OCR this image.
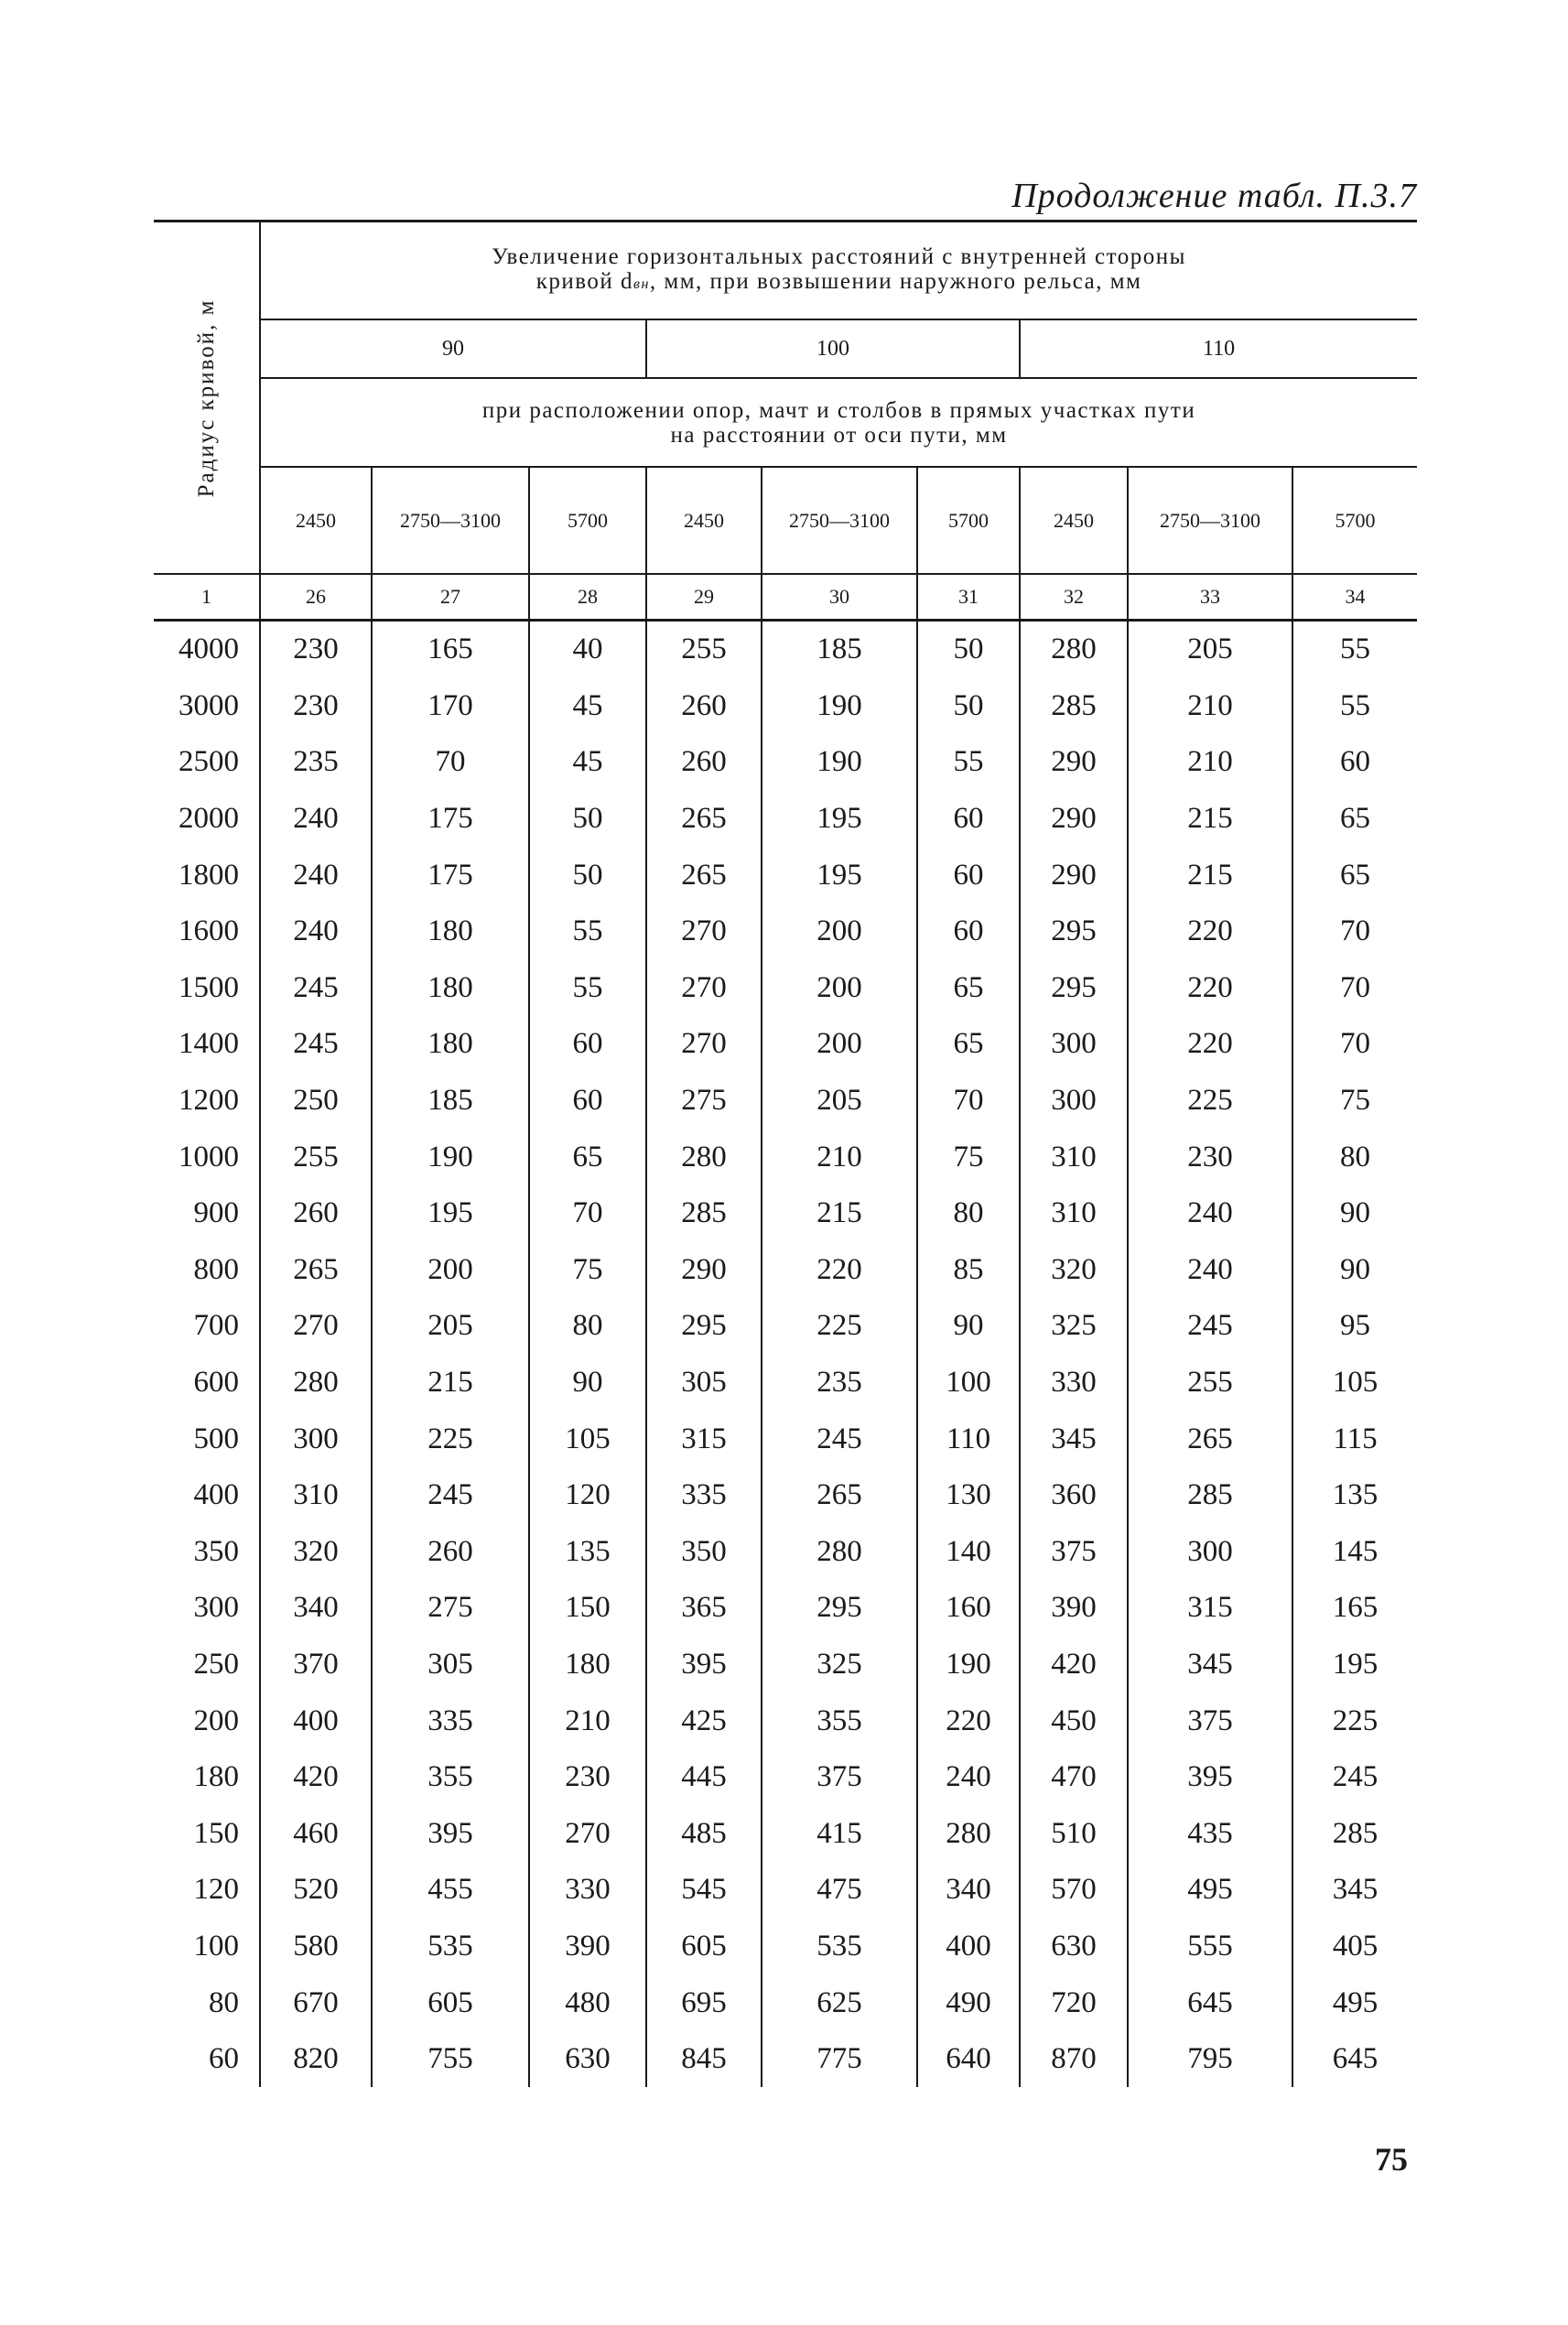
Продолжение табл. П.3.7
Радиус кривой, м	Увеличение горизонтальных расстояний с внутренней стороны
кривой dвн, мм, при возвышении наружного рельса, мм								

	90			100			110		

	при расположении опор, мачт и столбов в прямых участках пути
на расстоянии от оси пути, мм								

	2450	2750—3100	5700	2450	2750—3100	5700	2450	2750—3100	5700
1	26	27	28	29	30	31	32	33	34
4000	230	165	40	255	185	50	280	205	55
3000	230	170	45	260	190	50	285	210	55
2500	235	70	45	260	190	55	290	210	60
2000	240	175	50	265	195	60	290	215	65
1800	240	175	50	265	195	60	290	215	65
1600	240	180	55	270	200	60	295	220	70
1500	245	180	55	270	200	65	295	220	70
1400	245	180	60	270	200	65	300	220	70
1200	250	185	60	275	205	70	300	225	75
1000	255	190	65	280	210	75	310	230	80
900	260	195	70	285	215	80	310	240	90
800	265	200	75	290	220	85	320	240	90
700	270	205	80	295	225	90	325	245	95
600	280	215	90	305	235	100	330	255	105
500	300	225	105	315	245	110	345	265	115
400	310	245	120	335	265	130	360	285	135
350	320	260	135	350	280	140	375	300	145
300	340	275	150	365	295	160	390	315	165
250	370	305	180	395	325	190	420	345	195
200	400	335	210	425	355	220	450	375	225
180	420	355	230	445	375	240	470	395	245
150	460	395	270	485	415	280	510	435	285
120	520	455	330	545	475	340	570	495	345
100	580	535	390	605	535	400	630	555	405
80	670	605	480	695	625	490	720	645	495
60	820	755	630	845	775	640	870	795	645
75
